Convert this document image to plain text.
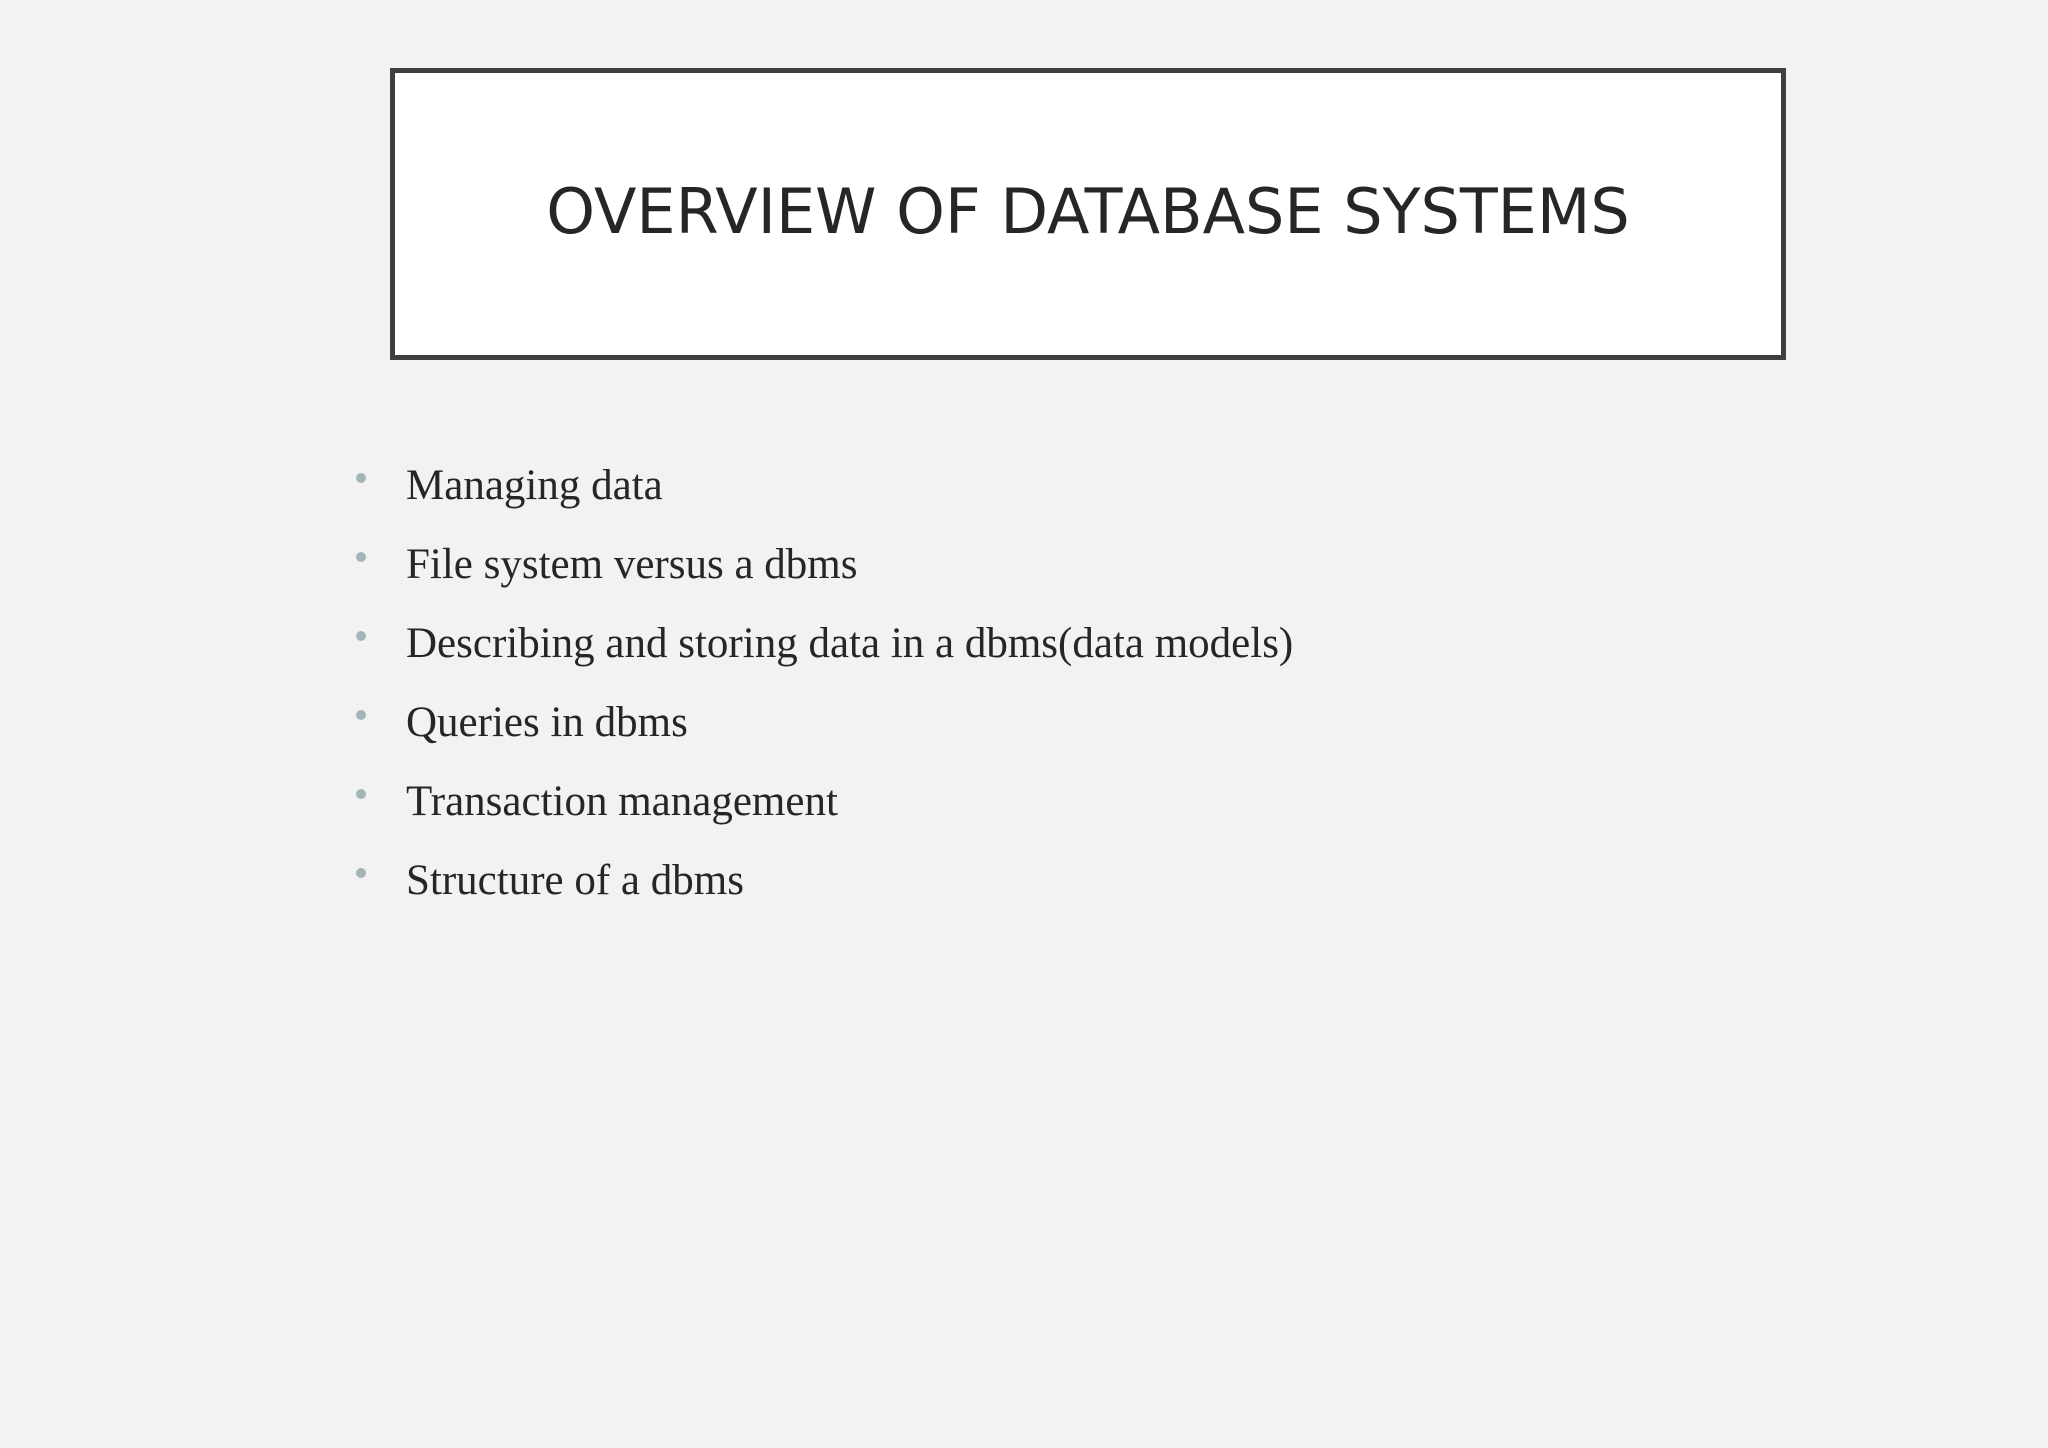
OVERVIEW OF DATABASE SYSTEMS
Managing data
File system versus a dbms
Describing and storing data in a dbms(data models)
Queries in dbms
Transaction management
Structure of a dbms
